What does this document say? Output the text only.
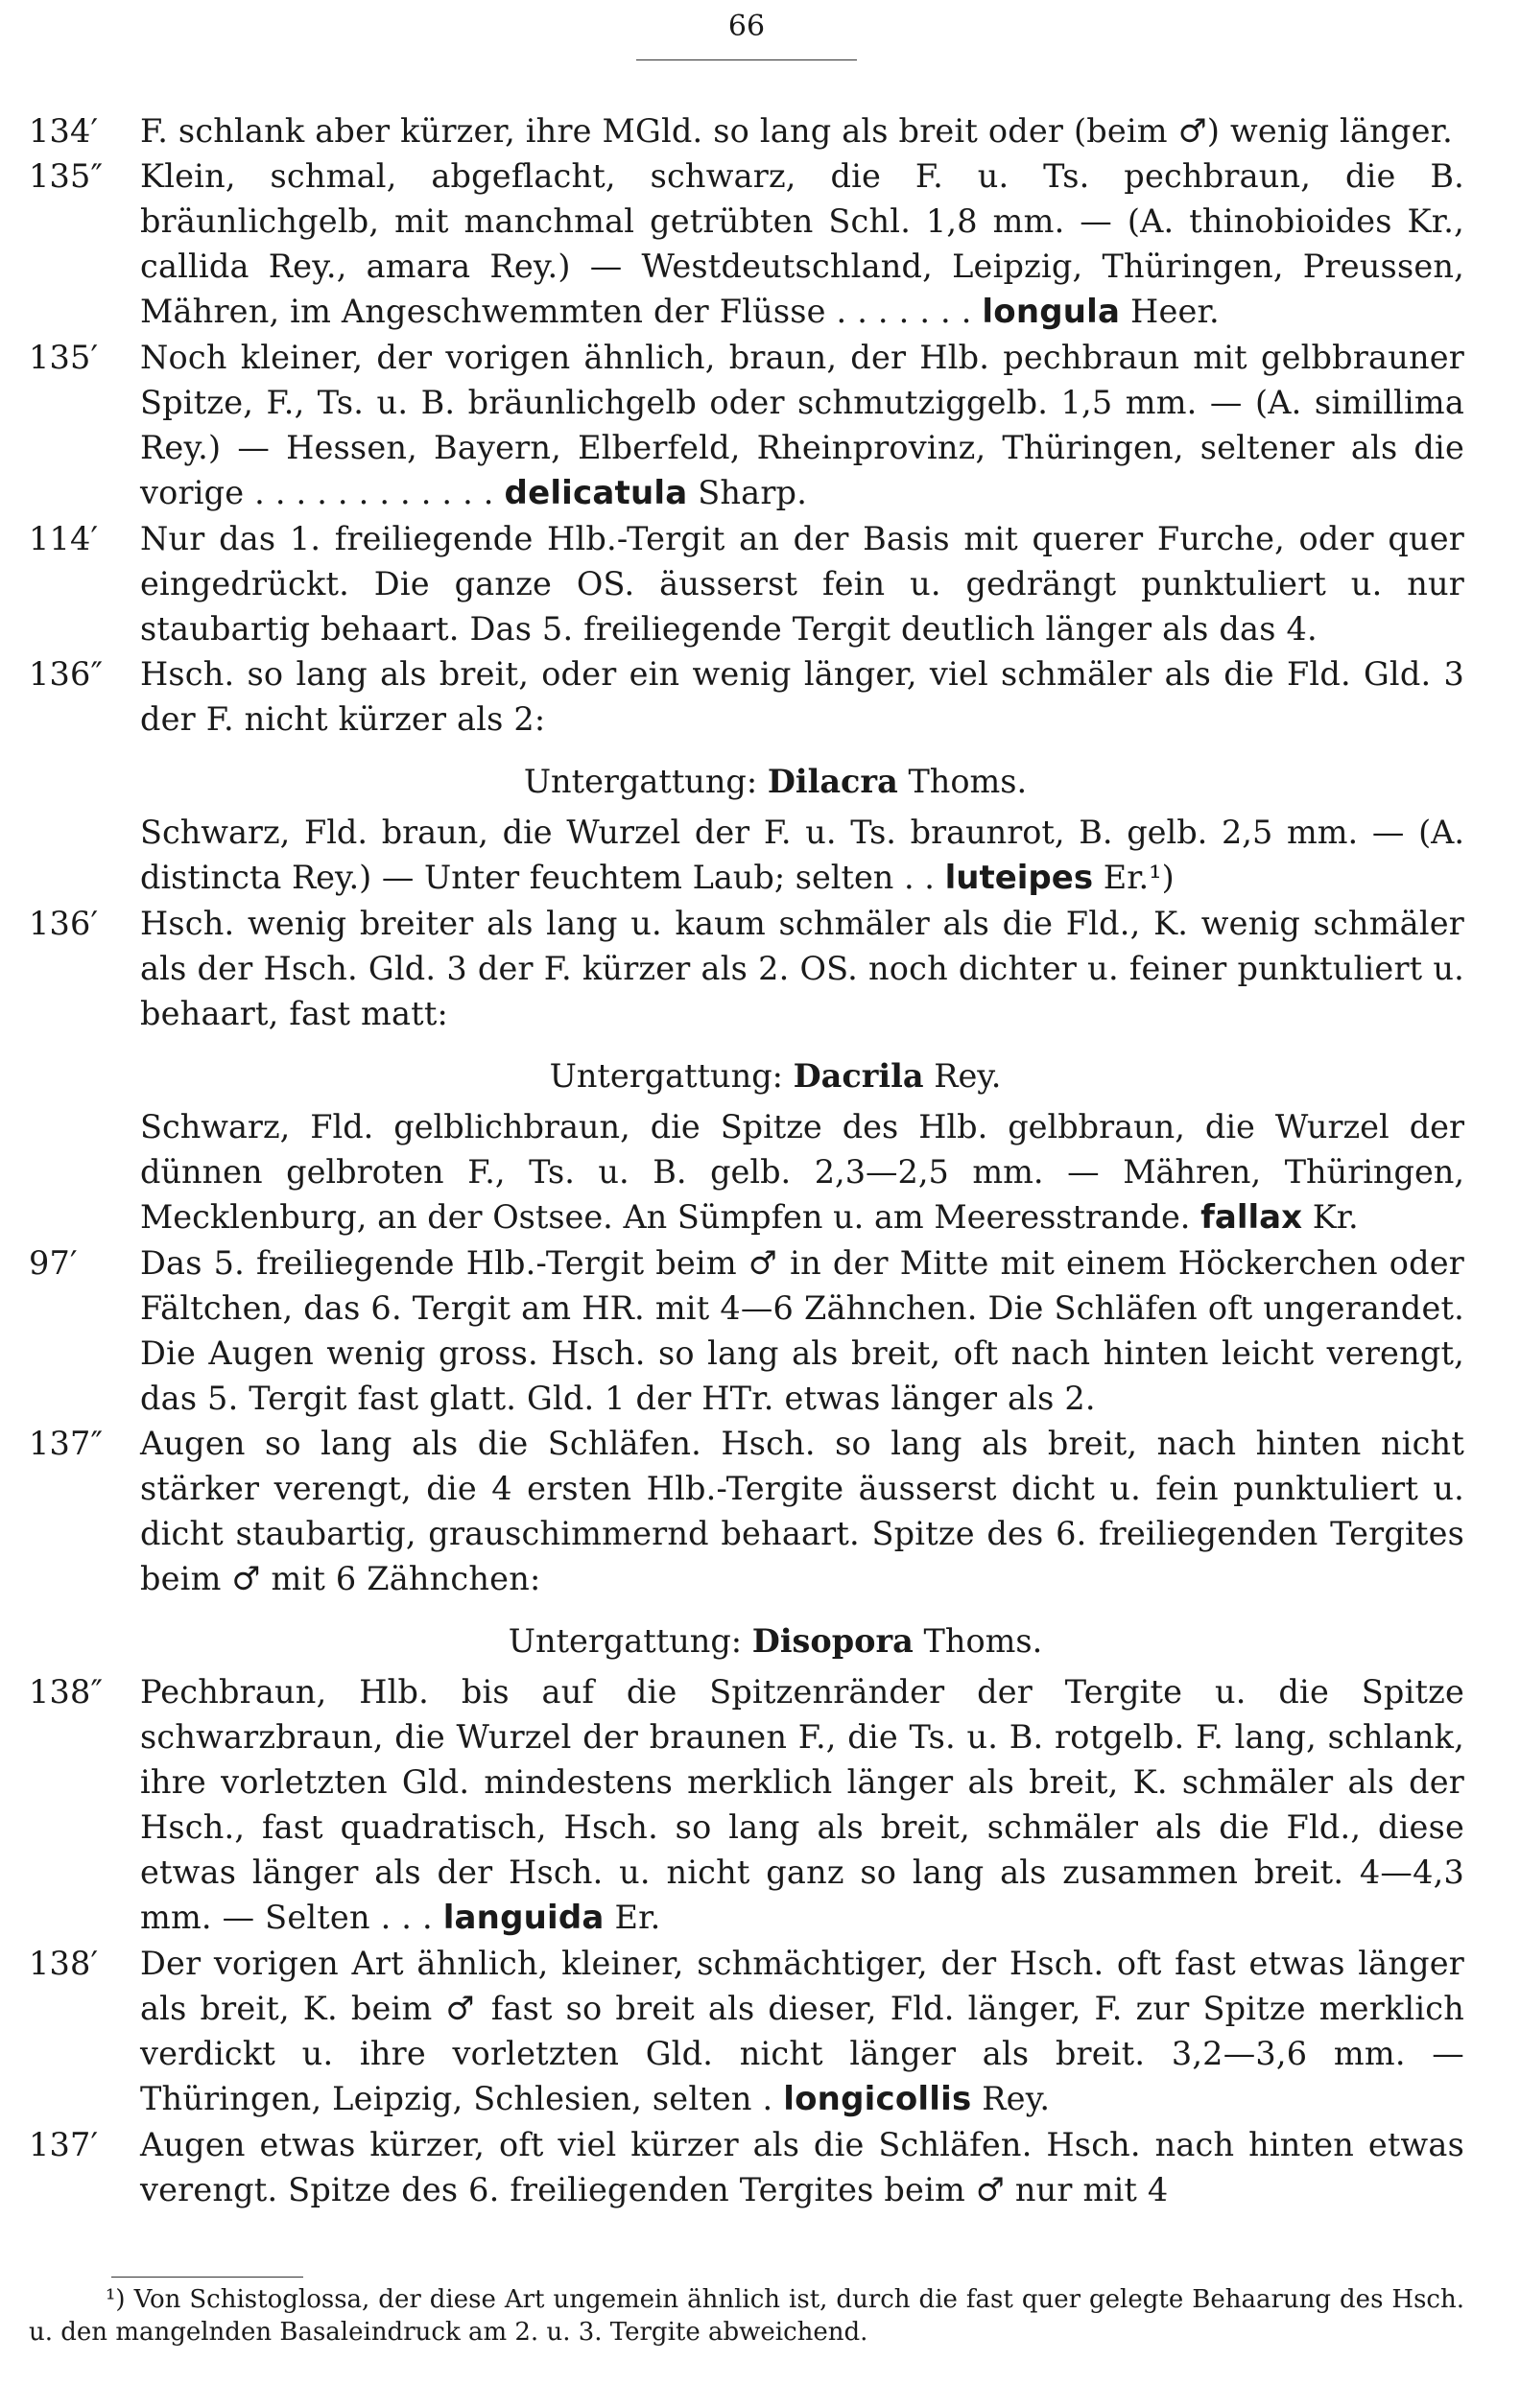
66
134′	F. schlank aber kürzer, ihre MGld. so lang als breit oder (beim ♂) wenig länger.
135″	Klein, schmal, abgeflacht, schwarz, die F. u. Ts. pechbraun, die B. bräunlichgelb, mit manchmal getrübten Schl. 1,8 mm. — (A. thinobioides Kr., callida Rey., amara Rey.) — Westdeutschland, Leipzig, Thüringen, Preussen, Mähren, im Angeschwemmten der Flüsse . . . . . . . longula Heer.
135′	Noch kleiner, der vorigen ähnlich, braun, der Hlb. pechbraun mit gelbbrauner Spitze, F., Ts. u. B. bräunlichgelb oder schmutziggelb. 1,5 mm. — (A. simillima Rey.) — Hessen, Bayern, Elberfeld, Rheinprovinz, Thüringen, seltener als die vorige . . . . . . . . . . . . delicatula Sharp.
114′	Nur das 1. freiliegende Hlb.-Tergit an der Basis mit querer Furche, oder quer eingedrückt. Die ganze OS. äusserst fein u. gedrängt punktuliert u. nur staubartig behaart. Das 5. freiliegende Tergit deutlich länger als das 4.
136″	Hsch. so lang als breit, oder ein wenig länger, viel schmäler als die Fld. Gld. 3 der F. nicht kürzer als 2:
Untergattung: Dilacra Thoms.
Schwarz, Fld. braun, die Wurzel der F. u. Ts. braunrot, B. gelb. 2,5 mm. — (A. distincta Rey.) — Unter feuchtem Laub; selten . . luteipes Er.¹)
136′	Hsch. wenig breiter als lang u. kaum schmäler als die Fld., K. wenig schmäler als der Hsch. Gld. 3 der F. kürzer als 2. OS. noch dichter u. feiner punktuliert u. behaart, fast matt:
Untergattung: Dacrila Rey.
Schwarz, Fld. gelblichbraun, die Spitze des Hlb. gelbbraun, die Wurzel der dünnen gelbroten F., Ts. u. B. gelb. 2,3—2,5 mm. — Mähren, Thüringen, Mecklenburg, an der Ostsee. An Sümpfen u. am Meeresstrande. fallax Kr.
97′	Das 5. freiliegende Hlb.-Tergit beim ♂ in der Mitte mit einem Höckerchen oder Fältchen, das 6. Tergit am HR. mit 4—6 Zähnchen. Die Schläfen oft ungerandet. Die Augen wenig gross. Hsch. so lang als breit, oft nach hinten leicht verengt, das 5. Tergit fast glatt. Gld. 1 der HTr. etwas länger als 2.
137″	Augen so lang als die Schläfen. Hsch. so lang als breit, nach hinten nicht stärker verengt, die 4 ersten Hlb.-Tergite äusserst dicht u. fein punktuliert u. dicht staubartig, grauschimmernd behaart. Spitze des 6. freiliegenden Tergites beim ♂ mit 6 Zähnchen:
Untergattung: Disopora Thoms.
138″	Pechbraun, Hlb. bis auf die Spitzenränder der Tergite u. die Spitze schwarzbraun, die Wurzel der braunen F., die Ts. u. B. rotgelb. F. lang, schlank, ihre vorletzten Gld. mindestens merklich länger als breit, K. schmäler als der Hsch., fast quadratisch, Hsch. so lang als breit, schmäler als die Fld., diese etwas länger als der Hsch. u. nicht ganz so lang als zusammen breit. 4—4,3 mm. — Selten . . . languida Er.
138′	Der vorigen Art ähnlich, kleiner, schmächtiger, der Hsch. oft fast etwas länger als breit, K. beim ♂ fast so breit als dieser, Fld. länger, F. zur Spitze merklich verdickt u. ihre vorletzten Gld. nicht länger als breit. 3,2—3,6 mm. — Thüringen, Leipzig, Schlesien, selten . longicollis Rey.
137′	Augen etwas kürzer, oft viel kürzer als die Schläfen. Hsch. nach hinten etwas verengt. Spitze des 6. freiliegenden Tergites beim ♂ nur mit 4
¹) Von Schistoglossa, der diese Art ungemein ähnlich ist, durch die fast quer gelegte Behaarung des Hsch. u. den mangelnden Basaleindruck am 2. u. 3. Tergite abweichend.
